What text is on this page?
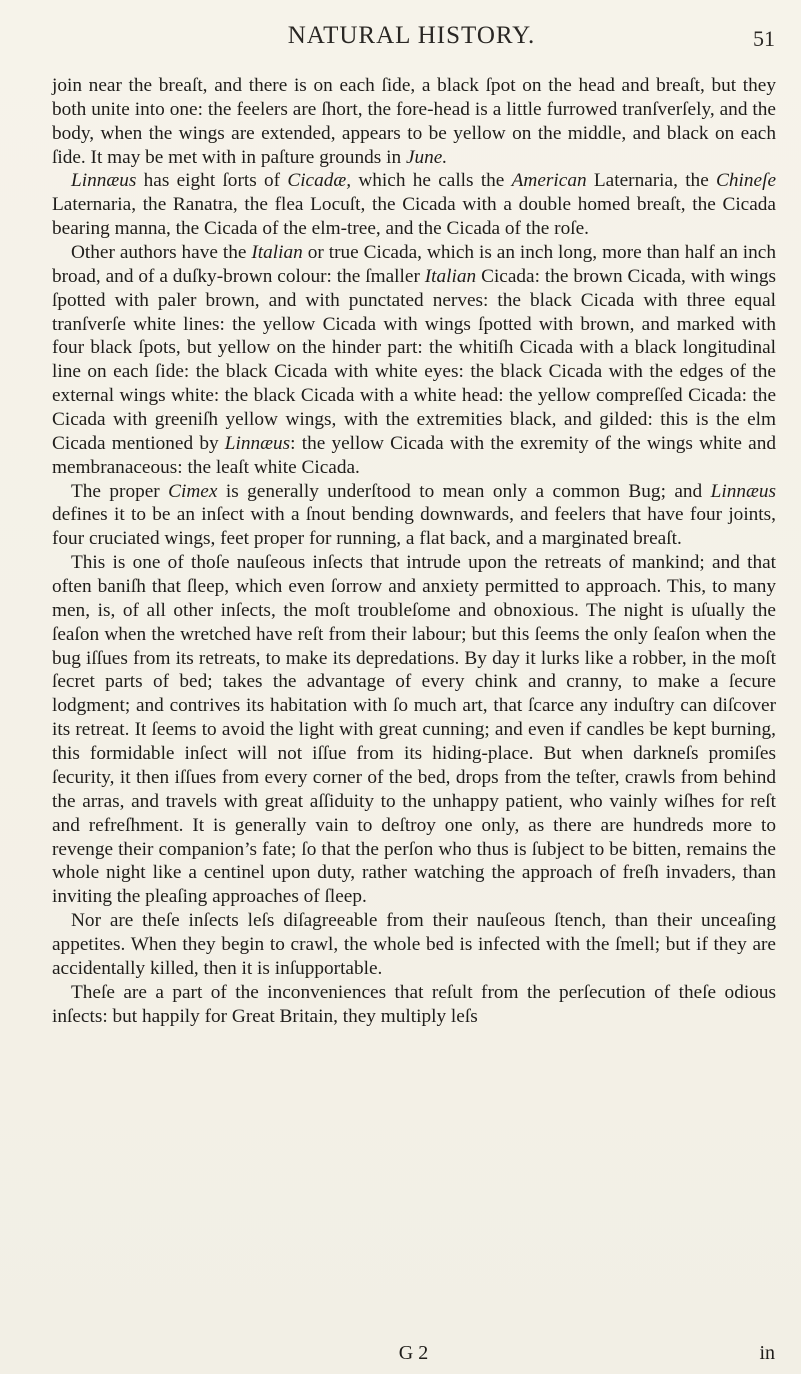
NATURAL HISTORY.	51

join near the breaſt, and there is on each ſide, a black ſpot on the head and breaſt, but they both unite into one: the feelers are ſhort, the fore-head is a little furrowed tranſverſely, and the body, when the wings are extended, appears to be yellow on the middle, and black on each ſide. It may be met with in paſture grounds in June.

Linnæus has eight ſorts of Cicadæ, which he calls the American Laternaria, the Chineſe Laternaria, the Ranatra, the flea Locuſt, the Cicada with a double homed breaſt, the Cicada bearing manna, the Cicada of the elm-tree, and the Cicada of the roſe.

Other authors have the Italian or true Cicada, which is an inch long, more than half an inch broad, and of a duſky-brown colour: the ſmaller Italian Cicada: the brown Cicada, with wings ſpotted with paler brown, and with punctated nerves: the black Cicada with three equal tranſverſe white lines: the yellow Cicada with wings ſpotted with brown, and marked with four black ſpots, but yellow on the hinder part: the whitiſh Cicada with a black longitudinal line on each ſide: the black Cicada with white eyes: the black Cicada with the edges of the external wings white: the black Cicada with a white head: the yellow compreſſed Cicada: the Cicada with greeniſh yellow wings, with the extremities black, and gilded: this is the elm Cicada mentioned by Linnæus: the yellow Cicada with the exremity of the wings white and membranaceous: the leaſt white Cicada.

The proper Cimex is generally underſtood to mean only a common Bug; and Linnæus defines it to be an inſect with a ſnout bending downwards, and feelers that have four joints, four cruciated wings, feet proper for running, a flat back, and a marginated breaſt.

This is one of thoſe nauſeous inſects that intrude upon the retreats of mankind; and that often baniſh that ſleep, which even ſorrow and anxiety permitted to approach. This, to many men, is, of all other inſects, the moſt troubleſome and obnoxious. The night is uſually the ſeaſon when the wretched have reſt from their labour; but this ſeems the only ſeaſon when the bug iſſues from its retreats, to make its depredations. By day it lurks like a robber, in the moſt ſecret parts of bed; takes the advantage of every chink and cranny, to make a ſecure lodgment; and contrives its habitation with ſo much art, that ſcarce any induſtry can diſcover its retreat. It ſeems to avoid the light with great cunning; and even if candles be kept burning, this formidable inſect will not iſſue from its hiding-place. But when darkneſs promiſes ſecurity, it then iſſues from every corner of the bed, drops from the teſter, crawls from behind the arras, and travels with great aſſiduity to the unhappy patient, who vainly wiſhes for reſt and refreſhment. It is generally vain to deſtroy one only, as there are hundreds more to revenge their companion’s fate; ſo that the perſon who thus is ſubject to be bitten, remains the whole night like a centinel upon duty, rather watching the approach of freſh invaders, than inviting the pleaſing approaches of ſleep.

Nor are theſe inſects leſs diſagreeable from their nauſeous ſtench, than their unceaſing appetites. When they begin to crawl, the whole bed is infected with the ſmell; but if they are accidentally killed, then it is inſupportable.

Theſe are a part of the inconveniences that reſult from the perſecution of theſe odious inſects: but happily for Great Britain, they multiply leſs

G 2	in
